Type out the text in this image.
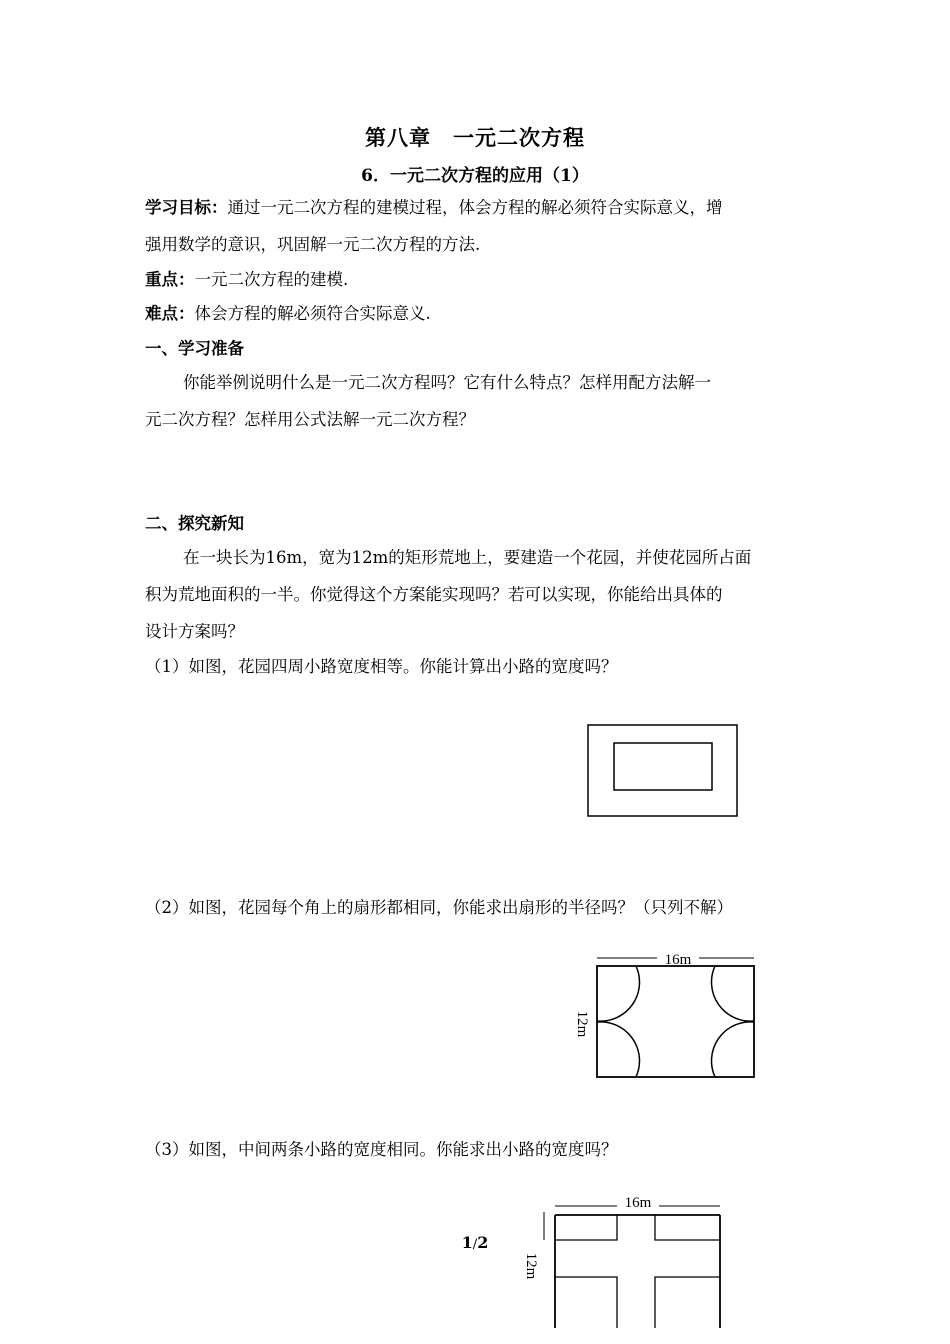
第八章　一元二次方程
6．一元二次方程的应用（1）
学习目标：通过一元二次方程的建模过程，体会方程的解必须符合实际意义，增
强用数学的意识，巩固解一元二次方程的方法.
重点：一元二次方程的建模.
难点：体会方程的解必须符合实际意义.
一、学习准备
你能举例说明什么是一元二次方程吗？它有什么特点？怎样用配方法解一
元二次方程？怎样用公式法解一元二次方程？
二、探究新知
在一块长为16m，宽为12m的矩形荒地上，要建造一个花园，并使花园所占面
积为荒地面积的一半。你觉得这个方案能实现吗？若可以实现，你能给出具体的
设计方案吗？
（1）如图，花园四周小路宽度相等。你能计算出小路的宽度吗？
（2）如图，花园每个角上的扇形都相同，你能求出扇形的半径吗？（只列不解）
16m
12m
（3）如图，中间两条小路的宽度相同。你能求出小路的宽度吗？
16m
12m
1/2
